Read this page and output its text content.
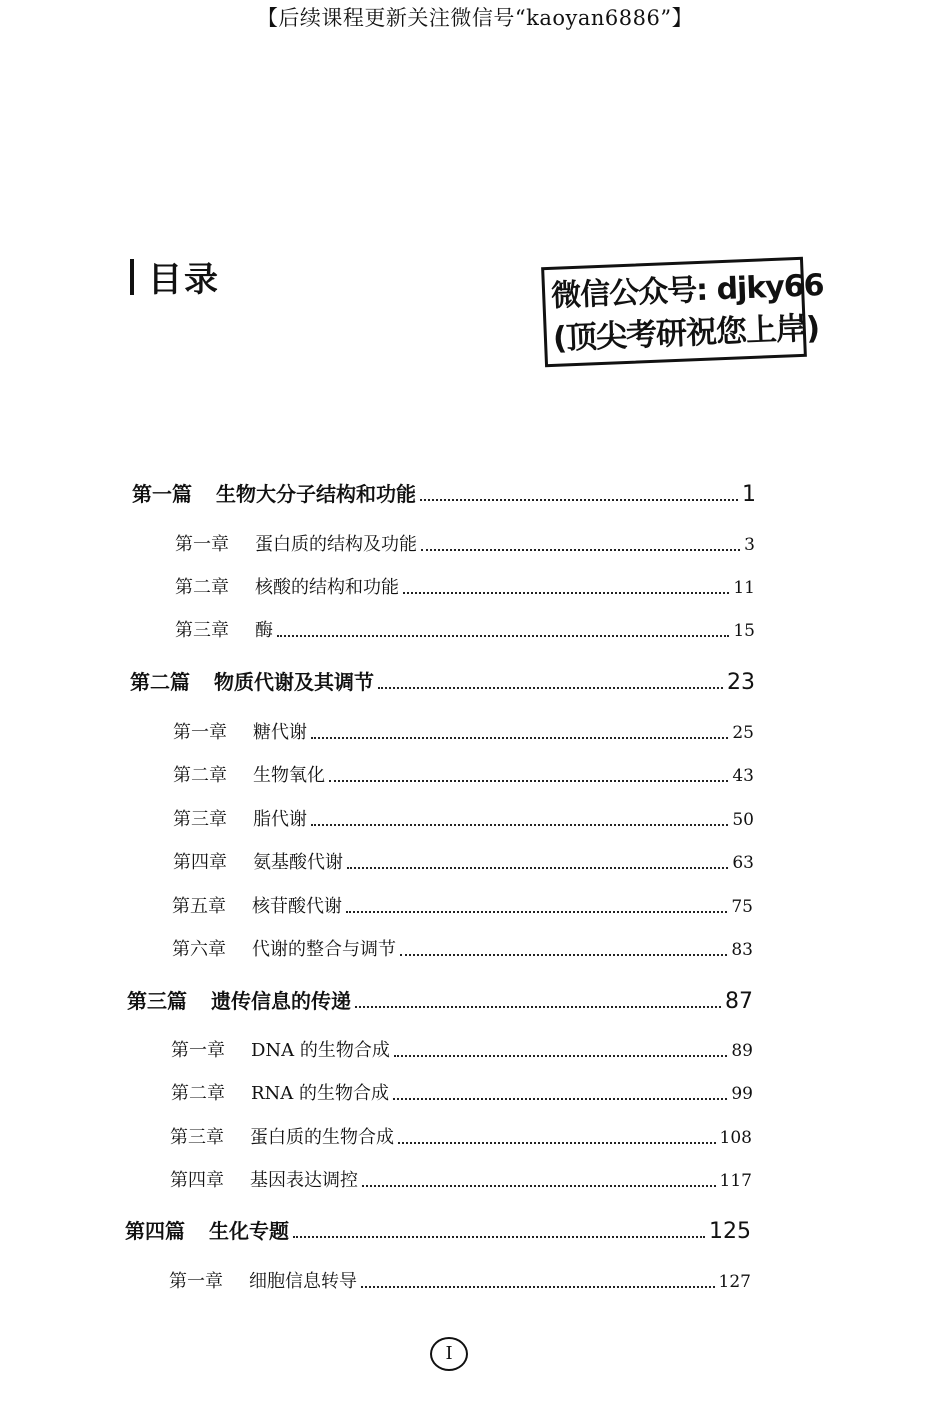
【后续课程更新关注微信号“kaoyan6886”】
目录	微信公众号: djky66
(顶尖考研祝您上岸)
第一篇	生物大分子结构和功能	1
第一章	蛋白质的结构及功能	3
第二章	核酸的结构和功能	11
第三章	酶	15
第二篇	物质代谢及其调节	23
第一章	糖代谢	25
第二章	生物氧化	43
第三章	脂代谢	50
第四章	氨基酸代谢	63
第五章	核苷酸代谢	75
第六章	代谢的整合与调节	83
第三篇	遗传信息的传递	87
第一章	DNA 的生物合成	89
第二章	RNA 的生物合成	99
第三章	蛋白质的生物合成	108
第四章	基因表达调控	117
第四篇	生化专题	125
第一章	细胞信息转导	127
I
